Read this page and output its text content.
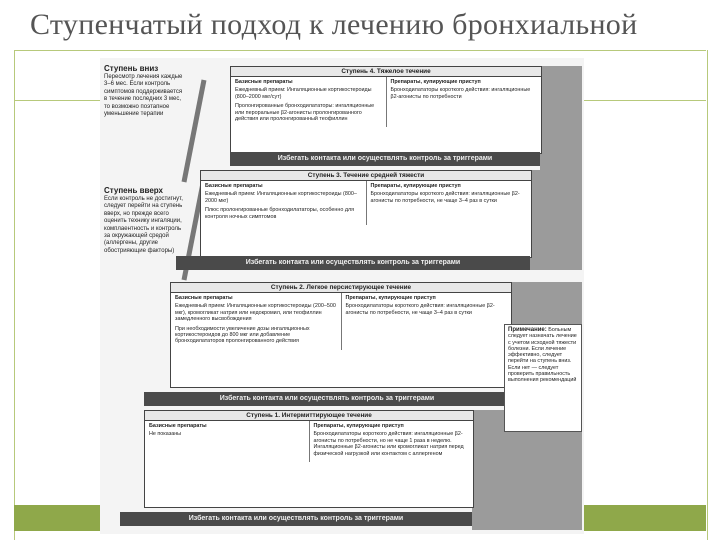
Ступенчатый подход к лечению бронхиальной
Ступень вниз
Пересмотр лечения каждые 3–6 мес. Если контроль симптомов поддерживается в течение последних 3 мес, то возможно поэтапное уменьшение терапии
Ступень вверх
Если контроль не достигнут, следует перейти на ступень вверх, но прежде всего оценить технику ингаляции, комплаентность и контроль за окружающей средой (аллергены, другие обострияющие факторы)
Ступень 4. Тяжелое течение
Базисные препараты

Ежедневный прием: Ингаляционные кортикостероиды (800–2000 мкг/сут)

Пролонгированные бронходилататоры: ингаляционные или пероральные β2-агонисты пролонгированного действия или пролонгированный теофиллин

Препараты, купирующие приступ

Бронходилататоры короткого действия: ингаляционные β2-агонисты по потребности

Избегать контакта или осуществлять контроль за триггерами
Ступень 3. Течение средней тяжести
Базисные препараты

Ежедневный прием: Ингаляционные кортикостероиды (800–2000 мкг)

Плюс пролонгированные бронходилататоры, особенно для контроля ночных симптомов

Препараты, купирующие приступ

Бронходилататоры короткого действия: ингаляционные β2-агонисты по потребности, не чаще 3–4 раз в сутки

Избегать контакта или осуществлять контроль за триггерами
Ступень 2. Легкое персистирующее течение
Базисные препараты

Ежедневный прием: Ингаляционные кортикостероиды (200–500 мкг), кромогликат натрия или недокромил, или теофиллин замедленного высвобождения

При необходимости увеличение дозы ингаляционных кортикостероидов до 800 мкг или добавление бронходилататоров пролонгированного действия

Препараты, купирующие приступ

Бронходилататоры короткого действия: ингаляционные β2-агонисты по потребности, не чаще 3–4 раз в сутки

Избегать контакта или осуществлять контроль за триггерами
Ступень 1. Интермиттирующее течение
Базисные препараты

Не показаны

Препараты, купирующие приступ

Бронходилататоры короткого действия: ингаляционные β2-агонисты по потребности, но не чаще 1 раза в неделю. Ингаляционные β2-агонисты или кромогликат натрия перед физической нагрузкой или контактом с аллергеном

Избегать контакта или осуществлять контроль за триггерами
Примечание: Больным следует назначать лечение с учетом исходной тяжести болезни. Если лечение эффективно, следует перейти на ступень вниз. Если нет — следует проверить правильность выполнения рекомендаций
